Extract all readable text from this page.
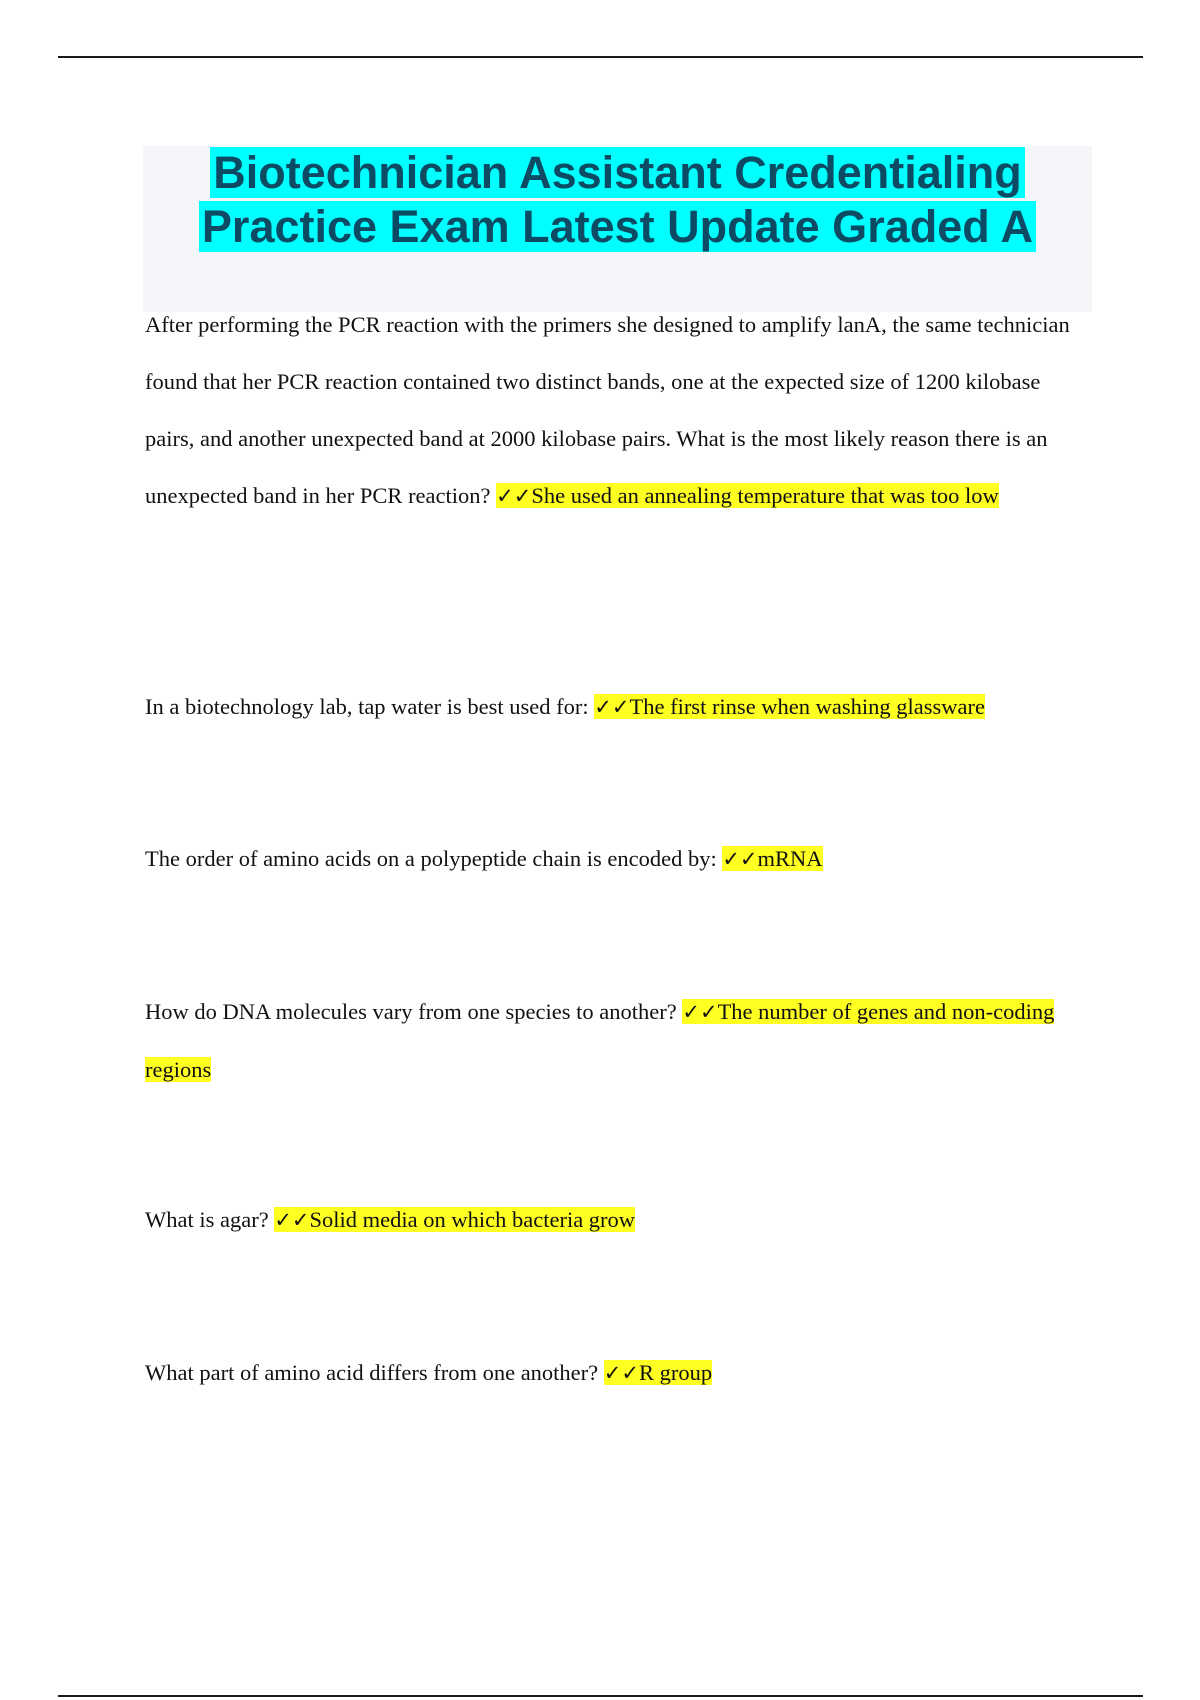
Biotechnician Assistant Credentialing
Practice Exam Latest Update Graded A
After performing the PCR reaction with the primers she designed to amplify lanA, the same technician found that her PCR reaction contained two distinct bands, one at the expected size of 1200 kilobase pairs, and another unexpected band at 2000 kilobase pairs. What is the most likely reason there is an unexpected band in her PCR reaction? ✓✓She used an annealing temperature that was too low
In a biotechnology lab, tap water is best used for: ✓✓The first rinse when washing glassware
The order of amino acids on a polypeptide chain is encoded by: ✓✓mRNA
How do DNA molecules vary from one species to another? ✓✓The number of genes and non-coding regions
What is agar? ✓✓Solid media on which bacteria grow
What part of amino acid differs from one another? ✓✓R group
